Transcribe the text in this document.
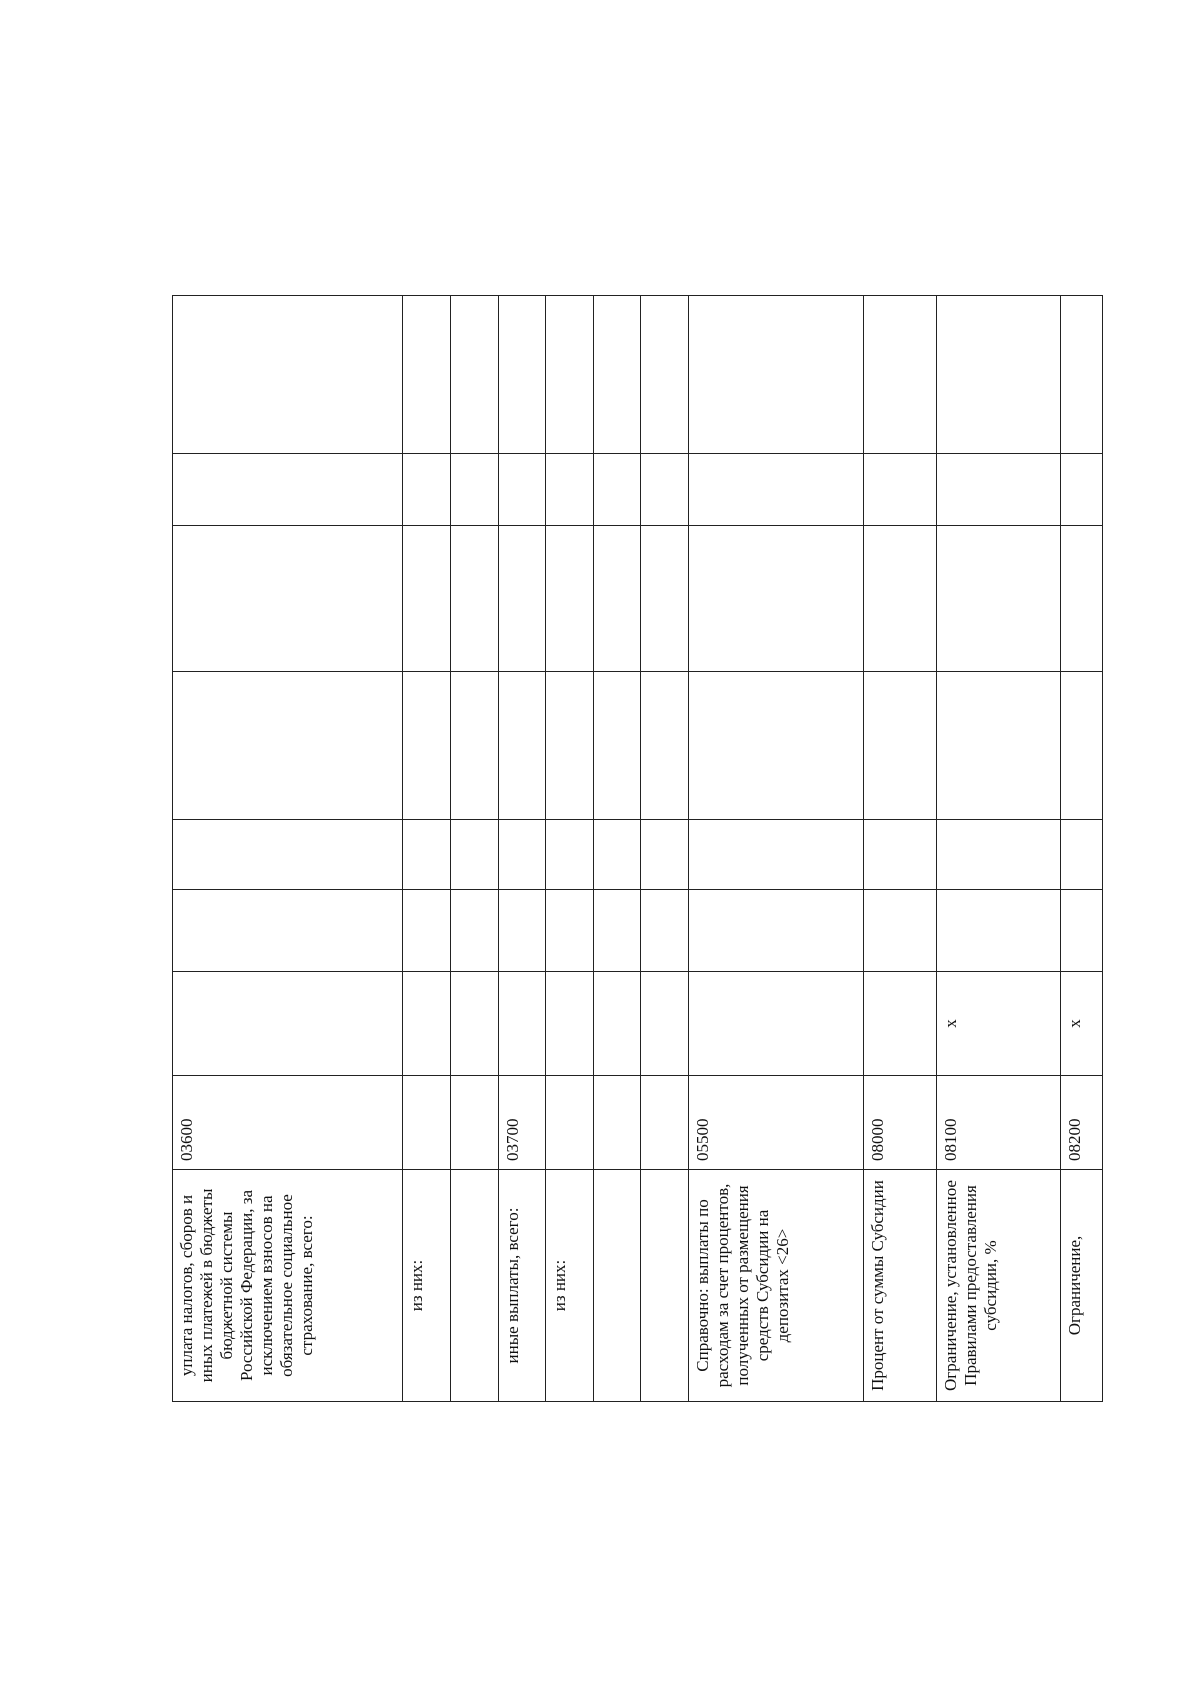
уплата налогов, сборов и иных платежей в бюджеты бюджетной системы Российской Федерации, за исключением взносов на обязательное социальное страхование, всего:	03600							
из них:								

иные выплаты, всего:	03700							
из них:								

Справочно: выплаты по расходам за счет процентов, полученных от размещения средств Субсидии на депозитах <26>	05500							
Процент от суммы Субсидии	08000							
Ограничение, установленное Правилами предоставления субсидии, %	08100	x						
Ограничение,	08200	x						
